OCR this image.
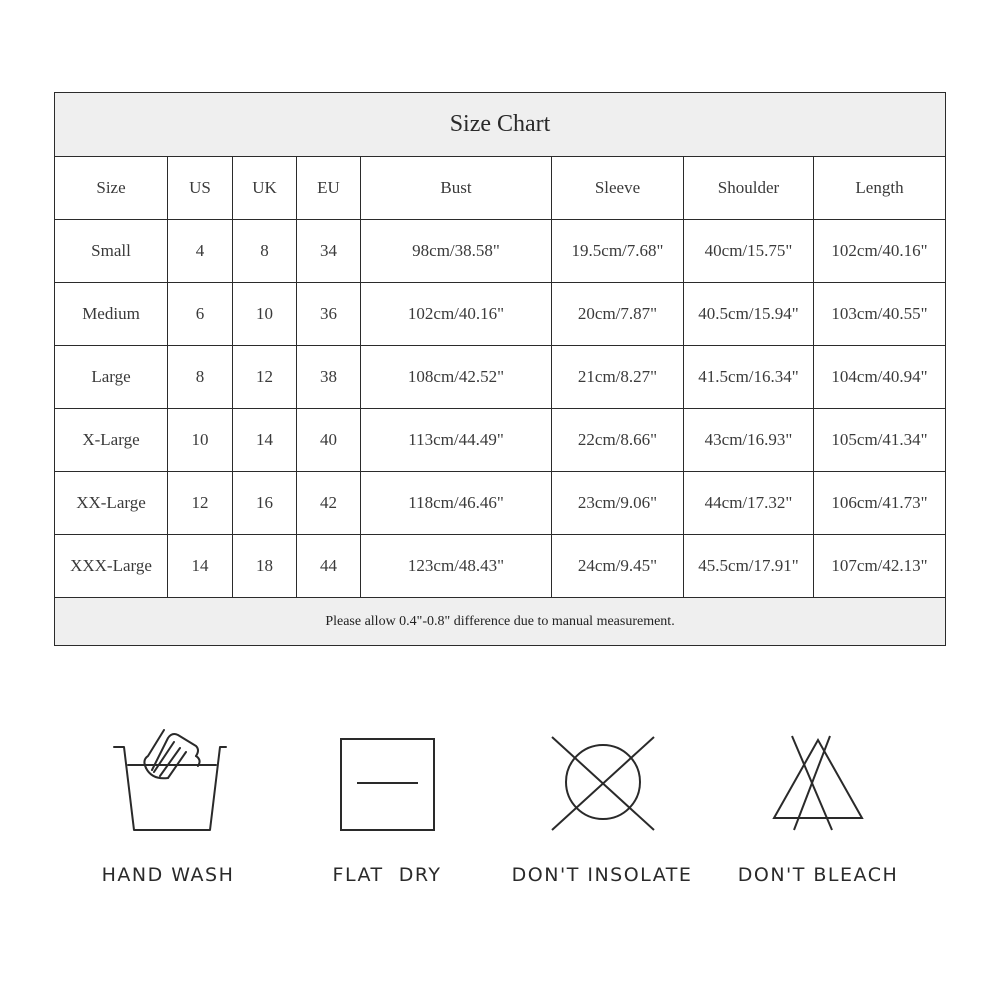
Size Chart							
Size	US	UK	EU	Bust	Sleeve	Shoulder	Length
Small	4	8	34	98cm/38.58"	19.5cm/7.68"	40cm/15.75"	102cm/40.16"
Medium	6	10	36	102cm/40.16"	20cm/7.87"	40.5cm/15.94"	103cm/40.55"
Large	8	12	38	108cm/42.52"	21cm/8.27"	41.5cm/16.34"	104cm/40.94"
X-Large	10	14	40	113cm/44.49"	22cm/8.66"	43cm/16.93"	105cm/41.34"
XX-Large	12	16	42	118cm/46.46"	23cm/9.06"	44cm/17.32"	106cm/41.73"
XXX-Large	14	18	44	123cm/48.43"	24cm/9.45"	45.5cm/17.91"	107cm/42.13"
Please allow 0.4"-0.8" difference due to manual measurement.							
HAND WASH	FLAT  DRY	DON'T INSOLATE	DON'T BLEACH
